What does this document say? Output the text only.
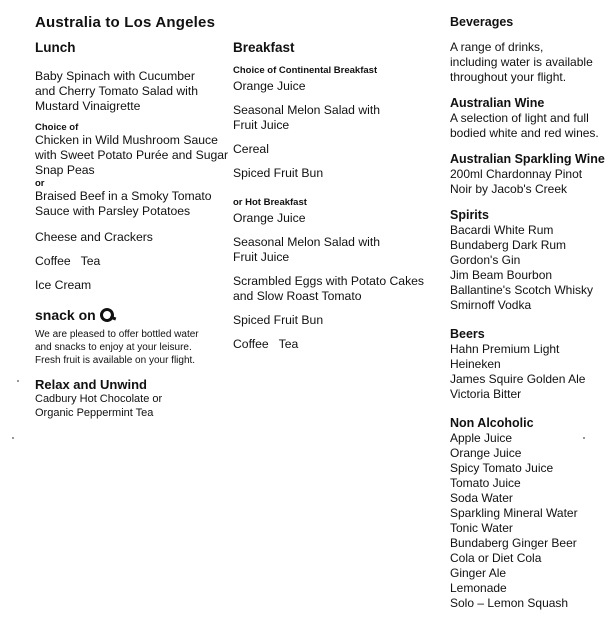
Australia to Los Angeles

Lunch

Baby Spinach with Cucumber

and Cherry Tomato Salad with

Mustard Vinaigrette

Choice of

Chicken in Wild Mushroom Sauce

with Sweet Potato Purée and Sugar

Snap Peas

or

Braised Beef in a Smoky Tomato

Sauce with Parsley Potatoes

Cheese and Crackers

Coffee   Tea

Ice Cream

snack on

We are pleased to offer bottled water

and snacks to enjoy at your leisure.

Fresh fruit is available on your flight.

Relax and Unwind

Cadbury Hot Chocolate or

Organic Peppermint Tea

Breakfast

Choice of Continental Breakfast

Orange Juice

Seasonal Melon Salad with

Fruit Juice

Cereal

Spiced Fruit Bun

or Hot Breakfast

Orange Juice

Seasonal Melon Salad with

Fruit Juice

Scrambled Eggs with Potato Cakes

and Slow Roast Tomato

Spiced Fruit Bun

Coffee   Tea

Beverages

A range of drinks,

including water is available

throughout your flight.

Australian Wine

A selection of light and full

bodied white and red wines.

Australian Sparkling Wine

200ml Chardonnay Pinot

Noir by Jacob's Creek

Spirits

Bacardi White Rum

Bundaberg Dark Rum

Gordon's Gin

Jim Beam Bourbon

Ballantine's Scotch Whisky

Smirnoff Vodka

Beers

Hahn Premium Light

Heineken

James Squire Golden Ale

Victoria Bitter

Non Alcoholic

Apple Juice

Orange Juice

Spicy Tomato Juice

Tomato Juice

Soda Water

Sparkling Mineral Water

Tonic Water

Bundaberg Ginger Beer

Cola or Diet Cola

Ginger Ale

Lemonade

Solo – Lemon Squash
